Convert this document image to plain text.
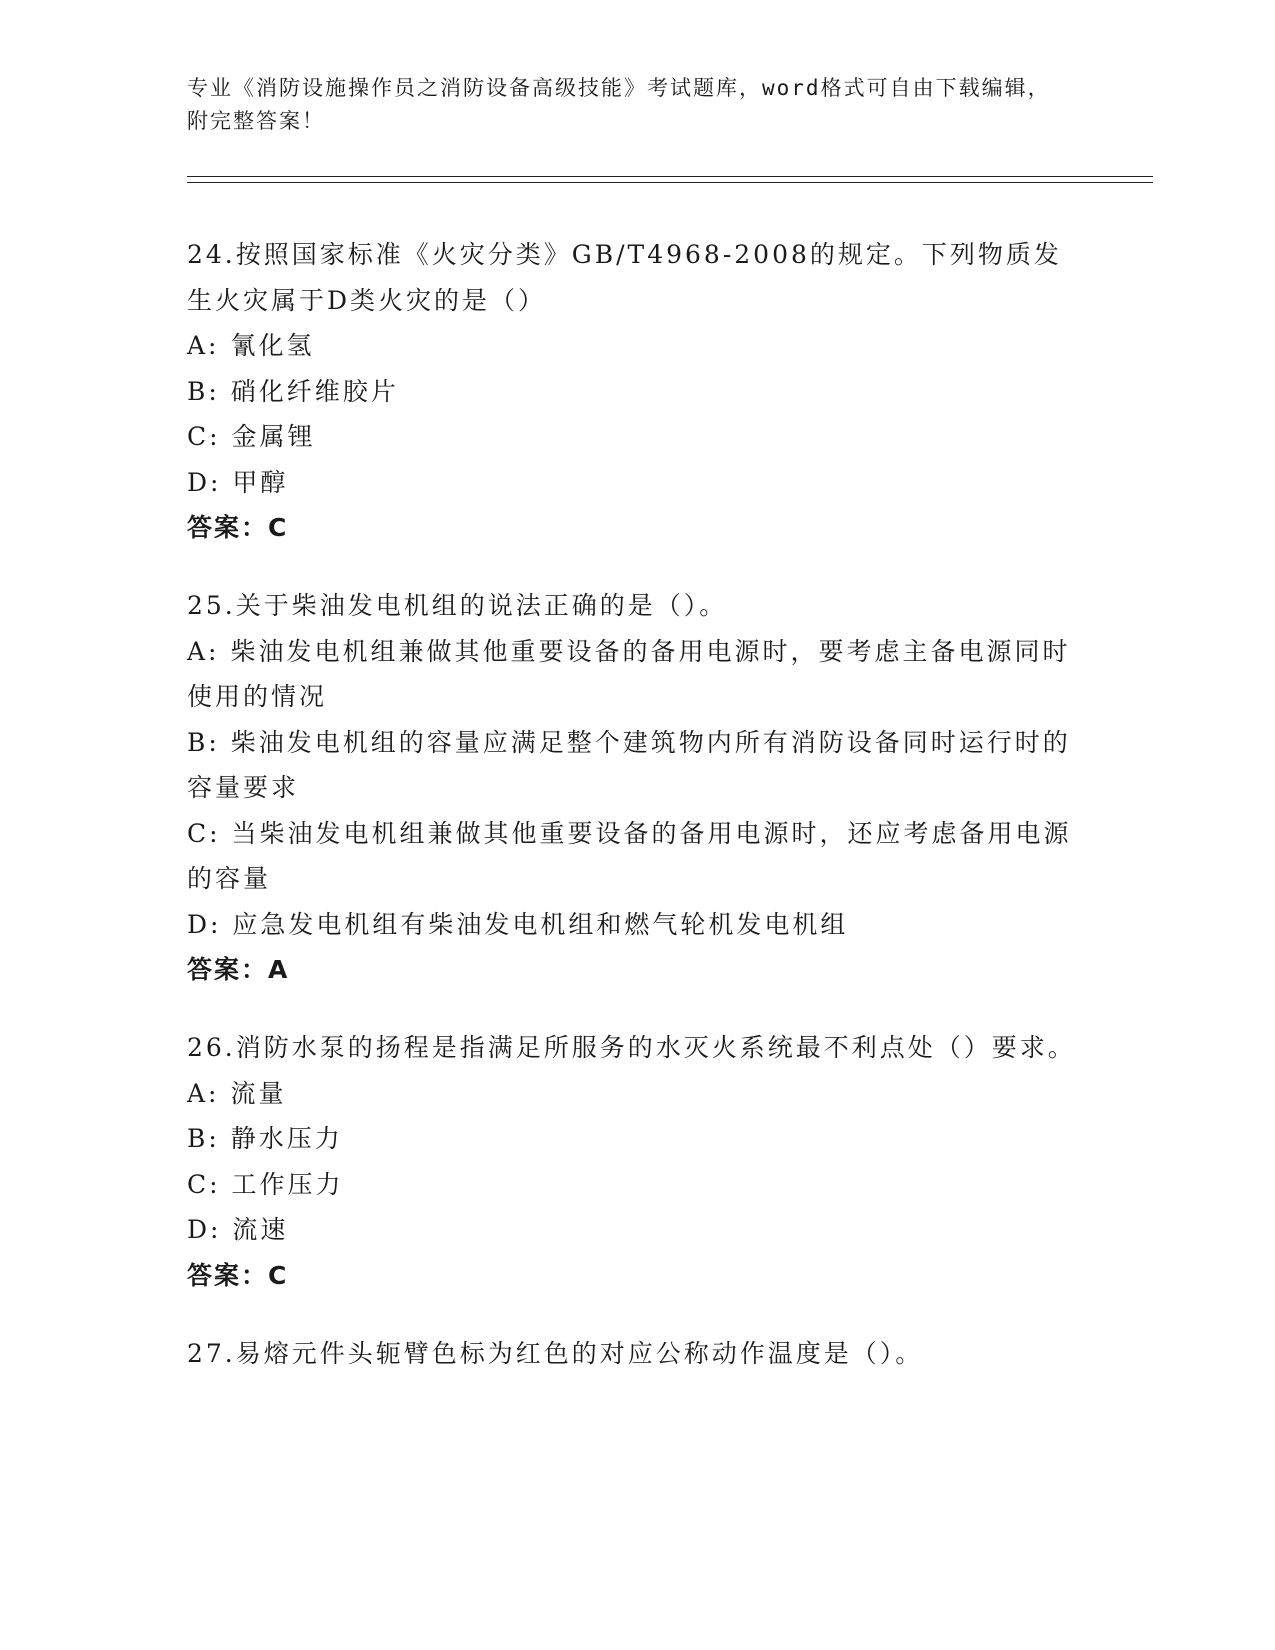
专业《消防设施操作员之消防设备高级技能》考试题库，word格式可自由下载编辑，附完整答案！
24.按照国家标准《火灾分类》GB/T4968-2008的规定。下列物质发生火灾属于D类火灾的是（）
A:
氰化氢
B:
硝化纤维胶片
C:
金属锂
D:
甲醇
答案：C
25.关于柴油发电机组的说法正确的是（）。
A: 柴油发电机组兼做其他重要设备的备用电源时，要考虑主备电源同时使用的情况
B: 柴油发电机组的容量应满足整个建筑物内所有消防设备同时运行时的容量要求
C: 当柴油发电机组兼做其他重要设备的备用电源时，还应考虑备用电源的容量
D: 应急发电机组有柴油发电机组和燃气轮机发电机组
答案：A
26.消防水泵的扬程是指满足所服务的水灭火系统最不利点处（）要求。
A:
流量
B:
静水压力
C:
工作压力
D:
流速
答案：C
27.易熔元件头轭臂色标为红色的对应公称动作温度是（）。
